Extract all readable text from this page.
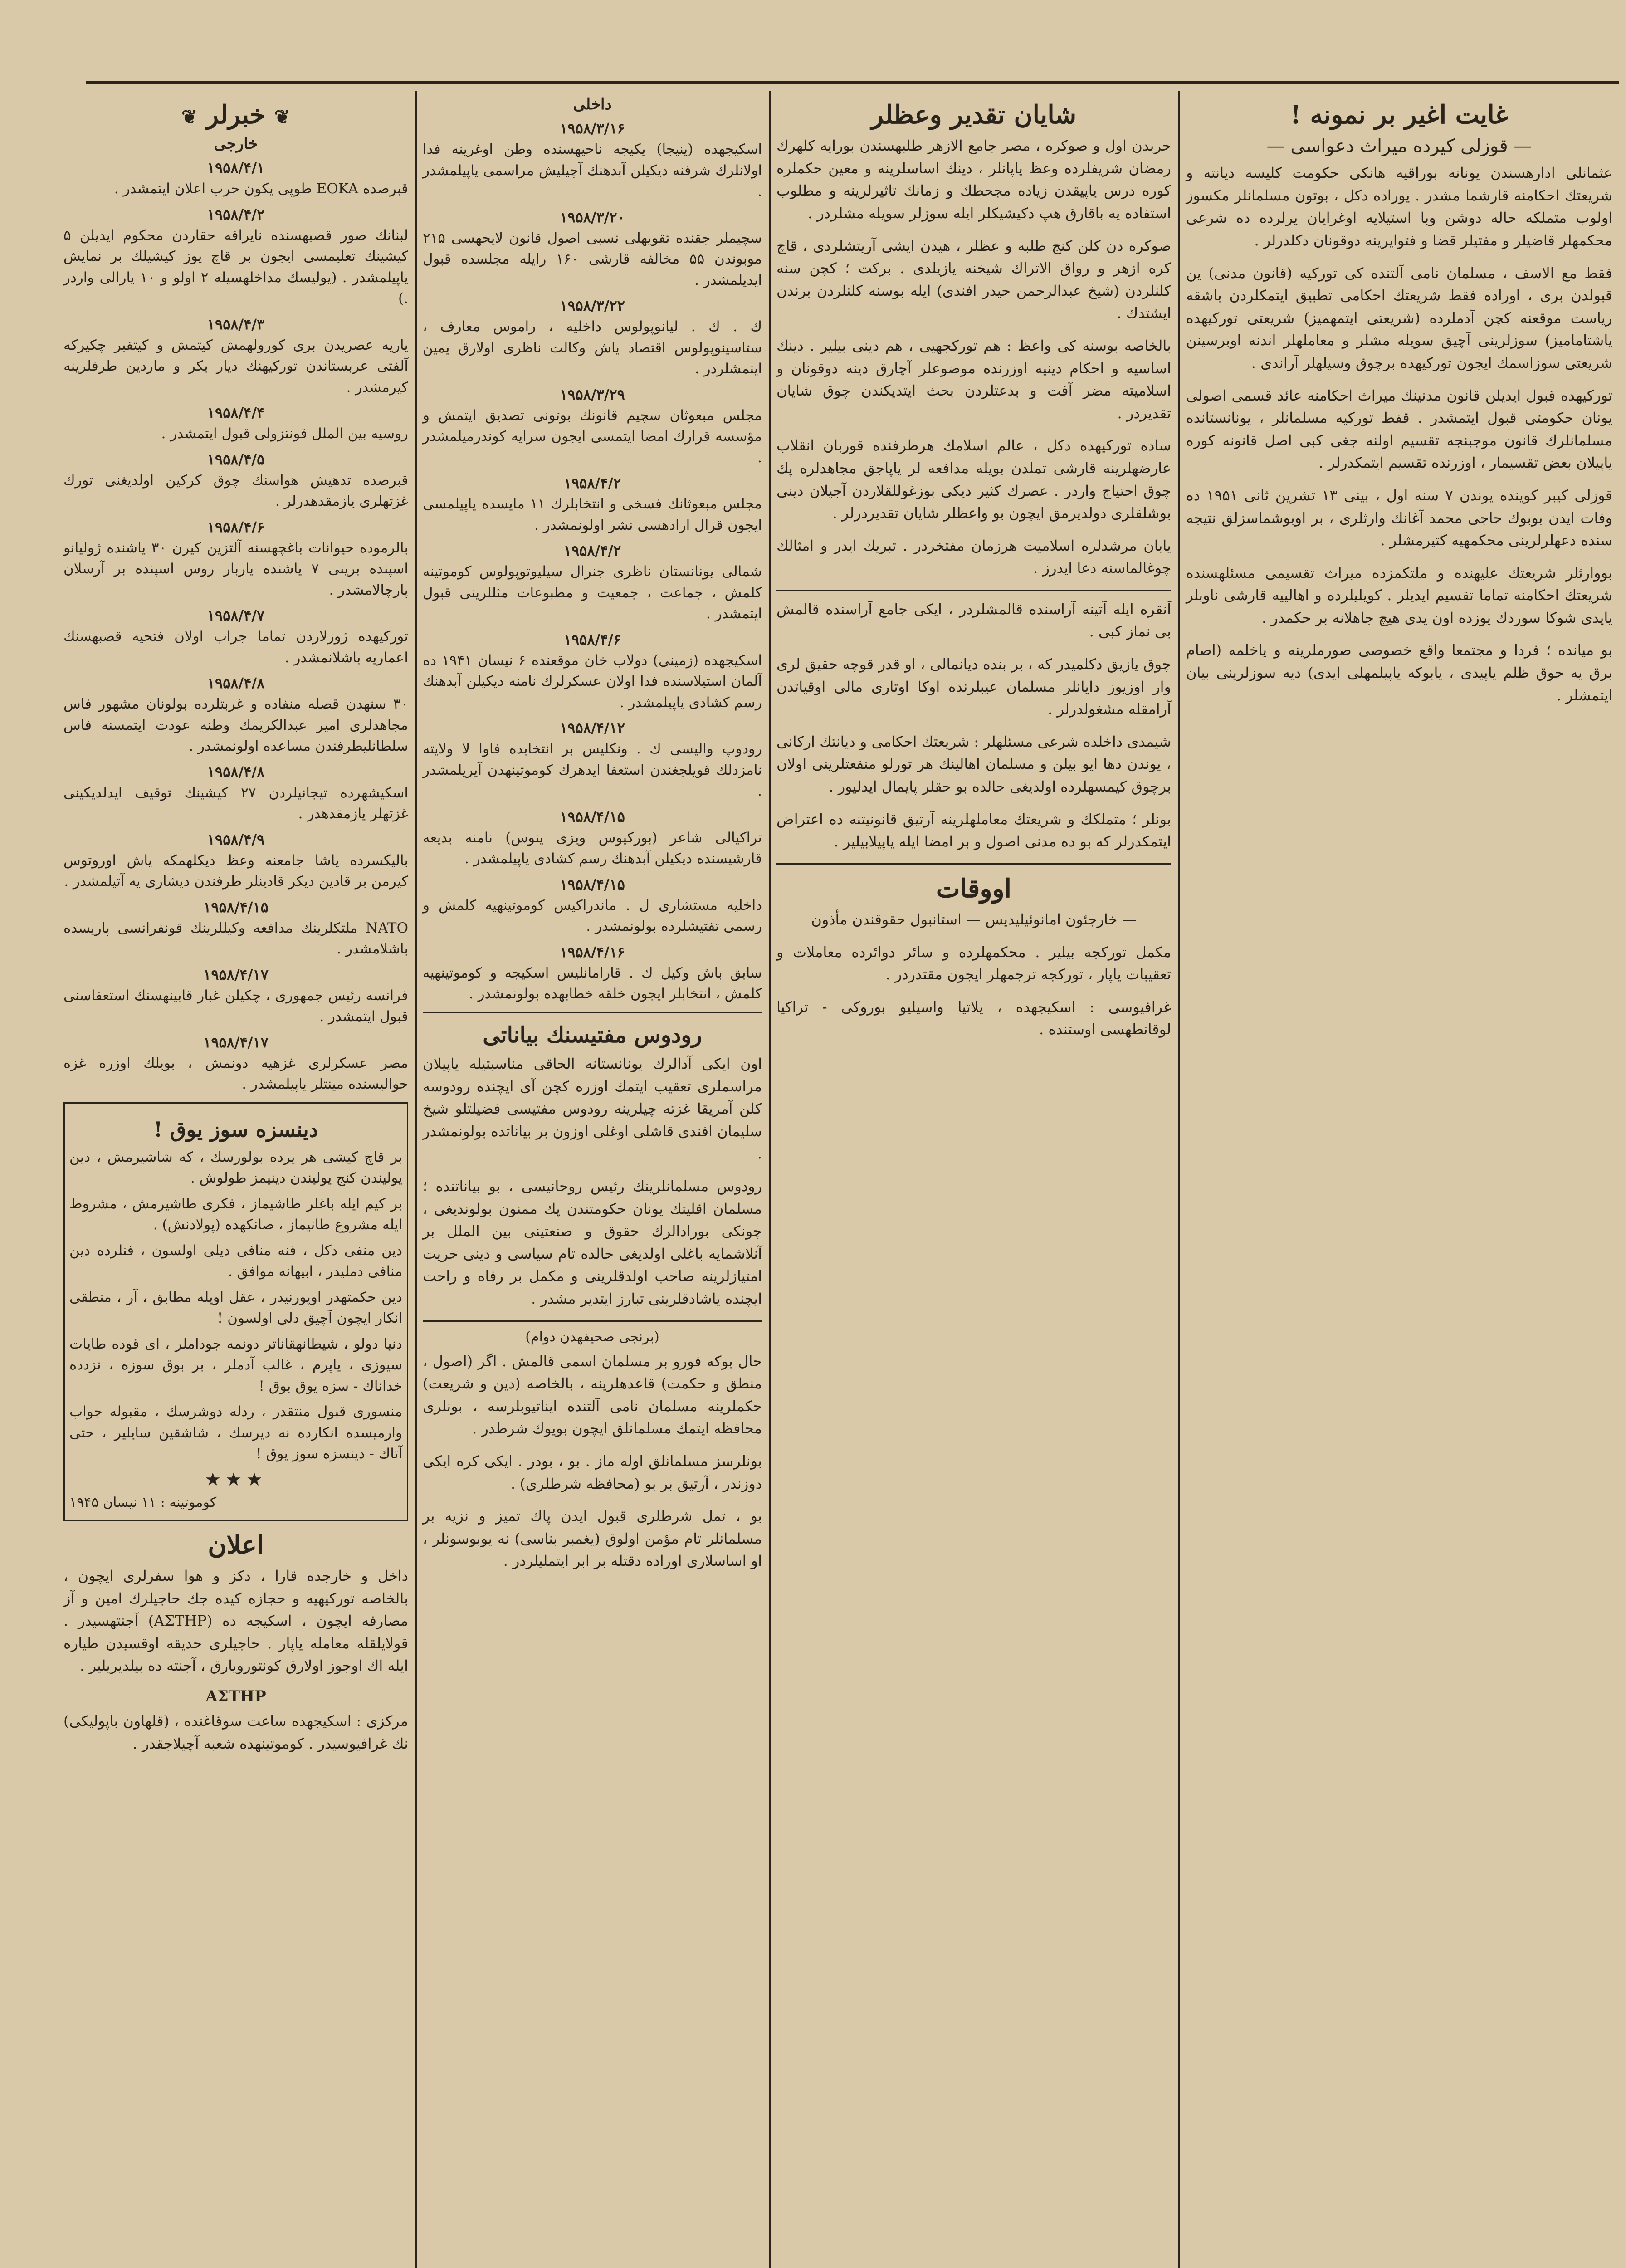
غایت اغیر بر نمونه !
— قوزلی کیرده میراث دعواسی —
عثمانلی ادارهسندن یونانه بوراقیه هانکی حکومت کلیسه دیانته و شریعتك احکامنه قارشما مشدر . یوراده دکل ، بوتون مسلمانلر مکسوز اولوب متملکه حاله دوشن وبا استیلایه اوغرایان یرلرده ده شرعی محکمهلر قاضیلر و مفتیلر قضا و فتوایرینه دوقونان دکلدرلر .
فقط مع الاسف ، مسلمان نامی آلتنده کی تورکیه (قانون مدنی) ین قبولدن بری ، اوراده فقط شریعتك احکامی تطبیق ایتمکلردن باشقه رياست موقعنه کچن آدملرده (شریعتی ایتمهمیز) شریعتی تورکیهده یاشتامامیز) سوزلرینی آچیق سویله مشلر و معاملهلر اندنه اوبرسینن شریعتی سوزاسمك ایجون تورکیهده برچوق وسیلهلر آراندی .
تورکیهده قبول ایدیلن قانون مدنینك میراث احکامنه عائد قسمی اصولی یونان حکومتی قبول ایتمشدر . قفط تورکیه مسلمانلر ، یونانستانده مسلمانلرك قانون موجبنجه تقسیم اولنه جغی کبی اصل قانونه کوره یاپیلان بعض تقسیمار ، اوزرنده تقسیم ایتمکدرلر .
قوزلی کیبر کوینده یوندن ۷ سنه اول ، بینی ۱۳ تشرین ثانی ۱۹۵۱ ده وفات ایدن بوبوك حاجی محمد آغانك وارثلری ، بر اوبوشماسزلق نتیجه سنده دعهلرلرینی محکمهیه کتیرمشلر .
بووارثلر شریعتك علیهنده و ملتکمزده میراث تقسیمی مسئلهسنده شریعتك احکامنه تماما تقسیم ایدیلر . کویلیلرده و اهالییه قارشی ناوبلر یاپدی شوکا سوردك یوزده اون یدی هیچ جاهلانه بر حکمدر .
بو میانده ؛ فردا و مجتمعا واقع خصوصی صورملرینه و ياخلمه (اصام برق یه حوق ظلم یاپیدی ، یابوکه یاپیلمهلی ایدی) دیه سوزلرینی بیان ایتمشلر .
شایان تقدیر وعظلر
حربدن اول و صوکره ، مصر جامع الازهر طلبهسندن بورایه کلهرك رمضان شریفلرده وعظ یاپانلر ، دینك اساسلرینه و معین حکملره کوره درس یاپیقدن زیاده مجحطك و زمانك تاثیرلرینه و مطلوب استفاده یه باقارق هپ دکیشیکلر ایله سوزلر سویله مشلردر .
صوکره دن کلن کنج طلبه و عظلر ، هیدن ایشی آریتشلردی ، قاچ کره ازهر و رواق الاتراك شیخنه یازیلدی . برکت ؛ کچن سنه کلنلردن (شیخ عبدالرحمن حیدر افندی) ایله بوسنه کلنلردن برندن ایشتدك .
بالخاصه بوسنه کی واعظ : هم تورکجهیی ، هم دینی بیلیر . دینك اساسیه و احکام دینیه اوزرنده موضوعلر آچارق دینه دوقونان و اسلامیته مضر آفت و بدعتلردن بحث ایتدیکندن چوق شایان تقدیردر .
ساده تورکیهده دکل ، عالم اسلامك هرطرفنده قوربان انقلاب عارضهلرینه قارشی تملدن بویله مدافعه لر یاپاجق مجاهدلره پك چوق احتیاج واردر . عصرك کثیر دیکی بوزغوللقلاردن آجیلان دینی بوشلقلری دولدیرمق ایچون بو واعظلر شایان تقدیردرلر .
یابان مرشدلره اسلامیت هرزمان مفتخردر . تبریك ایدر و امثالك چوغالماسنه دعا ایدرز .
آنقره ایله آتینه آراسنده قالمشلردر ، ایکی جامع آراسنده قالمش بی نماز کبی .
چوق یازیق دکلمیدر که ، بر بنده دیانمالی ، او قدر قوچه حقیق لری وار اوزیوز دایانلر مسلمان عیبلرنده اوکا اوتاری مالی اوقیاتدن آرامقله مشغولدرلر .
شیمدی داخلده شرعی مسئلهلر : شریعتك احکامی و دیانتك اركانی ، یوندن دها ایو بیلن و مسلمان اهالینك هر تورلو منفعتلرینی اولان برچوق کیمسهلرده اولدیغی حالده بو حقلر پایمال ایدلیور .
بونلر ؛ متملکك و شریعتك معاملهلرینه آرتیق قانونیتنه ده اعتراض ایتمکدرلر که بو ده مدنی اصول و بر امضا ایله یاپیلابیلیر .
اووقات
— خارجئون امانوئیلیدیس — استانبول حقوقندن مأذون
مکمل تورکجه بیلیر . محکمهلرده و سائر دوائرده معاملات و تعقیبات یاپار ، تورکجه ترجمهلر ایجون مقتدردر .
غرافیوسی : اسکیجهده ، یلاتیا واسیلیو بوروکی - تراکیا لوقانطهسی اوستنده .
داخلی
۱۹۵۸/۳/۱۶
اسکیجهده (ینیجا) یکیجه ناحیهسنده وطن اوغرینه فدا اولانلرك شرفنه دیکیلن آبدهنك آچیلیش مراسمی یاپیلمشدر .
۱۹۵۸/۳/۲۰
سچیملر جقنده تقویهلی نسبی اصول قانون لایحهسی ۲۱۵ موبوندن ۵۵ مخالفه قارشی ۱۶۰ رایله مجلسده قبول ایدیلمشدر .
۱۹۵۸/۳/۲۲
ك . ك . لیانوپولوس داخلیه ، راموس معارف ، ستاسینوپولوس اقتصاد یاش وکالت ناظری اولارق یمین ایتمشلردر .
۱۹۵۸/۳/۲۹
مجلس مبعوثان سچیم قانونك بوتونی تصدیق ایتمش و مؤسسه قرارك امضا ایتمسی ایجون سرایه کوندرمیلمشدر .
۱۹۵۸/۴/۲
مجلس مبعوثانك فسخی و انتخابلرك ۱۱ مایسده یاپیلمسی ایجون قرال ارادهسی نشر اولونمشدر .
۱۹۵۸/۴/۲
شمالی یونانستان ناظری جنرال سیلیوتوپولوس کوموتینه کلمش ، جماعت ، جمعیت و مطبوعات مثللرینی قبول ایتمشدر .
۱۹۵۸/۴/۶
اسکیجهده (زمینی) دولاب خان موقعنده ۶ نیسان ۱۹۴۱ ده آلمان استیلاسنده فدا اولان عسکرلرك نامنه دیکیلن آبدهنك رسم کشادی یاپیلمشدر .
۱۹۵۸/۴/۱۲
رودوپ والیسی ك . ونکلیس بر انتخابده فاوا لا ولایته نامزدلك قویلجغندن استعفا ایدهرك کوموتینهدن آیریلمشدر .
۱۹۵۸/۴/۱۵
تراکیالی شاعر (بورکیوس ویزی ینوس) نامنه بدیعه قارشیسنده دیکیلن آبدهنك رسم کشادی یاپیلمشدر .
۱۹۵۸/۴/۱۵
داخلیه مستشاری ل . ماندراکیس کوموتینهیه کلمش و رسمی تفتیشلرده بولونمشدر .
۱۹۵۸/۴/۱۶
سابق باش وکیل ك . قارامانلیس اسکیجه و کوموتینهیه کلمش ، انتخابلر ایجون خلقه خطابهده بولونمشدر .
رودوس مفتیسنك بیاناتی
اون ایکی آدالرك یونانستانه الحاقی مناسبتیله یاپیلان مراسملری تعقیب ایتمك اوزره کچن آی ایچنده رودوسه کلن آمریقا غزته چیلرینه رودوس مفتیسی فضیلتلو شیخ سلیمان افندی قاشلی اوغلی اوزون بر بیاناتده بولونمشدر .
رودوس مسلمانلرینك رئیس روحانیسی ، بو بیاناتنده ؛ مسلمان اقلیتك یونان حکومتندن پك ممنون بولوندیغی ، چونکی بورادالرك حقوق و صنعتینی بین الملل بر آنلاشمایه باغلی اولدیغی حالده تام سیاسی و دینی حریت امتیازلرینه صاحب اولدقلرینی و مکمل بر رفاه و راحت ایچنده یاشادقلرینی تبارز ایتدیر مشدر .
(برنجی صحیفهدن دوام)
حال بوکه فورو بر مسلمان اسمی قالمش . اگر (اصول ، منطق و حکمت) قاعدهلرینه ، بالخاصه (دین و شریعت) حکملرینه مسلمان نامی آلتنده ایناتیوبلرسه ، بونلری محافظه ایتمك مسلمانلق ایچون بویوك شرطدر .
بونلرسز مسلمانلق اوله ماز . بو ، بودر . ایکی کره ایکی دوزندر ، آرتیق بر بو (محافظه شرطلری) .
بو ، تمل شرطلری قبول ایدن پاك تمیز و نزیه بر مسلمانلر تام مؤمن اولوق (یغمبر بناسی) نه یوبوسونلر ، او اساسلاری اوراده دقتله بر ابر ایتملیلردر .
❦ خبرلر ❦
خارجی
۱۹۵۸/۴/۱
قبرصده EOKA طوپی یکون حرب اعلان ایتمشدر .
۱۹۵۸/۴/۲
لبنانك صور قصبهسنده نایرافه حقاردن محکوم ایدیلن ۵ کیشینك تعلیمسی ایجون بر قاچ یوز کیشیلك بر نمایش یاپیلمشدر . (یولیسك مداخلهسیله ۲ اولو و ۱۰ یارالی واردر .)
۱۹۵۸/۴/۳
یاریه عصریدن بری کورولهمش کیتمش و کیتفبر چکیرکه آلفتی عربستاندن تورکیهنك دیار بکر و ماردین طرفلرینه کیرمشدر .
۱۹۵۸/۴/۴
روسیه بین الملل قونتزولی قبول ایتمشدر .
۱۹۵۸/۴/۵
قبرصده تدهیش هواسنك چوق کرکین اولدیغنی تورك غزتهلری یازمقدهدرلر .
۱۹۵۸/۴/۶
بالرموده حیوانات باغچهسنه آلتزین کیرن ۳۰ یاشنده ژولیانو اسپنده برینی ۷ یاشنده یاربار روس اسپنده بر آرسلان پارچالامشدر .
۱۹۵۸/۴/۷
تورکیهده ژوزلاردن تماما جراب اولان فتحیه قصبهسنك اعماریه باشلانمشدر .
۱۹۵۸/۴/۸
۳۰ سنهدن قصله منفاده و غربتلرده بولونان مشهور فاس مجاهدلری امیر عبدالکریمك وطنه عودت ایتمسنه فاس سلطانلیطرفندن مساعده اولونمشدر .
۱۹۵۸/۴/۸
اسکیشهرده تیجانیلردن ۲۷ کیشینك توقیف ایدلدیکینی غزتهلر یازمقدهدر .
۱۹۵۸/۴/۹
بالیکسرده یاشا جامعنه وعظ دیکلهمکه یاش اوروتوس کیرمن بر قادین دیکر قادینلر طرفندن دیشاری یه آتیلمشدر .
۱۹۵۸/۴/۱۵
NATO ملتکلرینك مدافعه وکیللرینك قونفرانسی پاریسده باشلامشدر .
۱۹۵۸/۴/۱۷
فرانسه رئیس جمهوری ، چکیلن غبار قابینهسنك استعفاسنی قبول ایتمشدر .
۱۹۵۸/۴/۱۷
مصر عسکرلری غزهیه دونمش ، بویلك اوزره غزه حوالیسنده مینتلر یاپیلمشدر .
دینسزه سوز یوق !
بر قاچ کیشی هر یرده بولورسك ، که شاشیرمش ، دین یولیندن کنج یولیندن دینیمز طولوش .
بر کیم ایله باغلر طاشیماز ، فکری طاشیرمش ، مشروط ایله مشروع طانیماز ، صانکهده (پولادنش) .
دین منفی دکل ، فنه منافی دیلی اولسون ، فنلرده دین منافی دملیدر ، ابیهانه موافق .
دین حکمتهدر اوپورنیدر ، عقل اوپله مطابق ، آر ، منطقی انکار ایچون آچیق دلی اولسون !
دنیا دولو ، شیطانهقاناتر دونمه جوداملر ، ای قوده طایات سیوزی ، یاپرم ، غالب آدملر ، بر بوق سوزه ، نزدده خداناك - سزه یوق بوق !
منسوری قبول منتقدر ، ردله دوشرسك ، مقبوله جواب وارمیسده انکارده نه دیرسك ، شاشقین سایلیر ، حتی آتاك - دینسزه سوز یوق !
★★★
کوموتینه : ۱۱ نیسان ۱۹۴۵
اعلان
داخل و خارجده قارا ، دکز و هوا سفرلری ایچون ، بالخاصه تورکیهیه و حجازه کیده جك حاجیلرك امین و آز مصارفه ایچون ، اسکیجه ده (ΑΣΤΗΡ) آجنتهسیدر . قولایلقله معامله یاپار . حاجیلری حدیقه اوقسیدن طیاره ایله اك اوجوز اولارق کونتورویارق ، آجنته ده بیلدیریلیر .
ΑΣΤΗΡ
مرکزی : اسکیجهده ساعت سوقاغنده ، (قلهاون باپولیکی) نك غرافیوسیدر . کوموتینهده شعبه آچیلاجقدر .
